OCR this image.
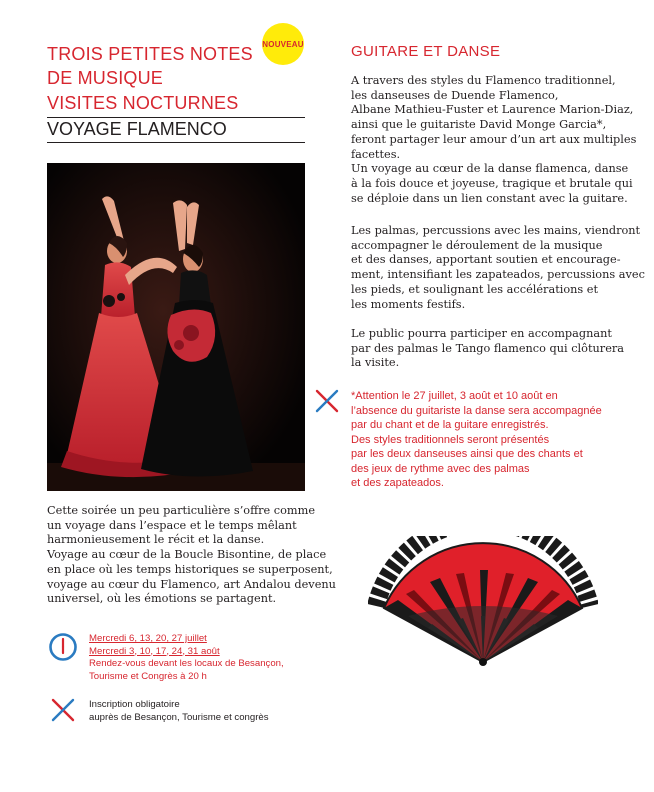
TROIS PETITES NOTES
DE MUSIQUE
VISITES NOCTURNES
VOYAGE FLAMENCO
NOUVEAU
Cette soirée un peu particulière s’offre comme
un voyage dans l’espace et le temps mêlant
harmonieusement le récit et la danse.
Voyage au cœur de la Boucle Bisontine, de place
en place où les temps historiques se superposent,
voyage au cœur du Flamenco, art Andalou devenu
universel, où les émotions se partagent.
Mercredi 6, 13, 20, 27 juillet
Mercredi 3, 10, 17, 24, 31 août
Rendez-vous devant les locaux de Besançon,
Tourisme et Congrès à 20 h
Inscription obligatoire
auprès de Besançon, Tourisme et congrès
GUITARE ET DANSE
A travers des styles du Flamenco traditionnel,
les danseuses de Duende Flamenco,
Albane Mathieu-Fuster et Laurence Marion-Diaz,
ainsi que le guitariste David Monge Garcia*,
feront partager leur amour d’un art aux multiples
facettes.
Un voyage au cœur de la danse flamenca, danse
à la fois douce et joyeuse, tragique et brutale qui
se déploie dans un lien constant avec la guitare.
Les palmas, percussions avec les mains, viendront
accompagner le déroulement de la musique
et des danses, apportant soutien et encourage-
ment, intensifiant les zapateados, percussions avec
les pieds, et soulignant les accélérations et
les moments festifs.
Le public pourra participer en accompagnant
par des palmas le Tango flamenco qui clôturera
la visite.
*Attention le 27 juillet, 3 août et 10 août en
l’absence du guitariste la danse sera accompagnée
par du chant et de la guitare enregistrés.
Des styles traditionnels seront présentés
par les deux danseuses ainsi que des chants et
des jeux de rythme avec des palmas
et des zapateados.
